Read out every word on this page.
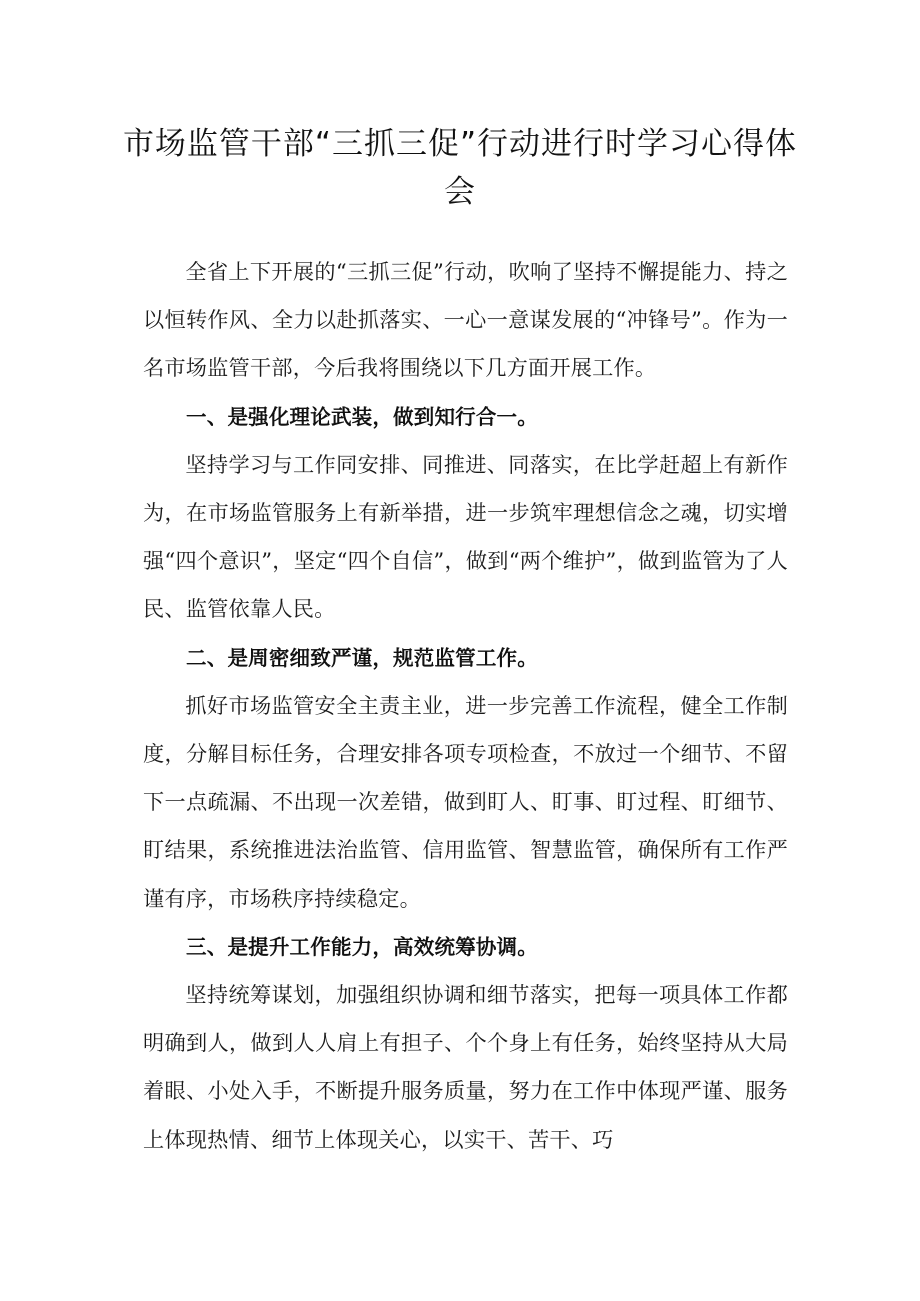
市场监管干部“三抓三促”行动进行时学习心得体会

全省上下开展的“三抓三促”行动，吹响了坚持不懈提能力、持之以恒转作风、全力以赴抓落实、一心一意谋发展的“冲锋号”。作为一名市场监管干部，今后我将围绕以下几方面开展工作。

一、是强化理论武装，做到知行合一。

坚持学习与工作同安排、同推进、同落实，在比学赶超上有新作为，在市场监管服务上有新举措，进一步筑牢理想信念之魂，切实增强“四个意识”，坚定“四个自信”，做到“两个维护”，做到监管为了人民、监管依靠人民。

二、是周密细致严谨，规范监管工作。

抓好市场监管安全主责主业，进一步完善工作流程，健全工作制度，分解目标任务，合理安排各项专项检查，不放过一个细节、不留下一点疏漏、不出现一次差错，做到盯人、盯事、盯过程、盯细节、盯结果，系统推进法治监管、信用监管、智慧监管，确保所有工作严谨有序，市场秩序持续稳定。

三、是提升工作能力，高效统筹协调。

坚持统筹谋划，加强组织协调和细节落实，把每一项具体工作都明确到人，做到人人肩上有担子、个个身上有任务，始终坚持从大局着眼、小处入手，不断提升服务质量，努力在工作中体现严谨、服务上体现热情、细节上体现关心，以实干、苦干、巧
